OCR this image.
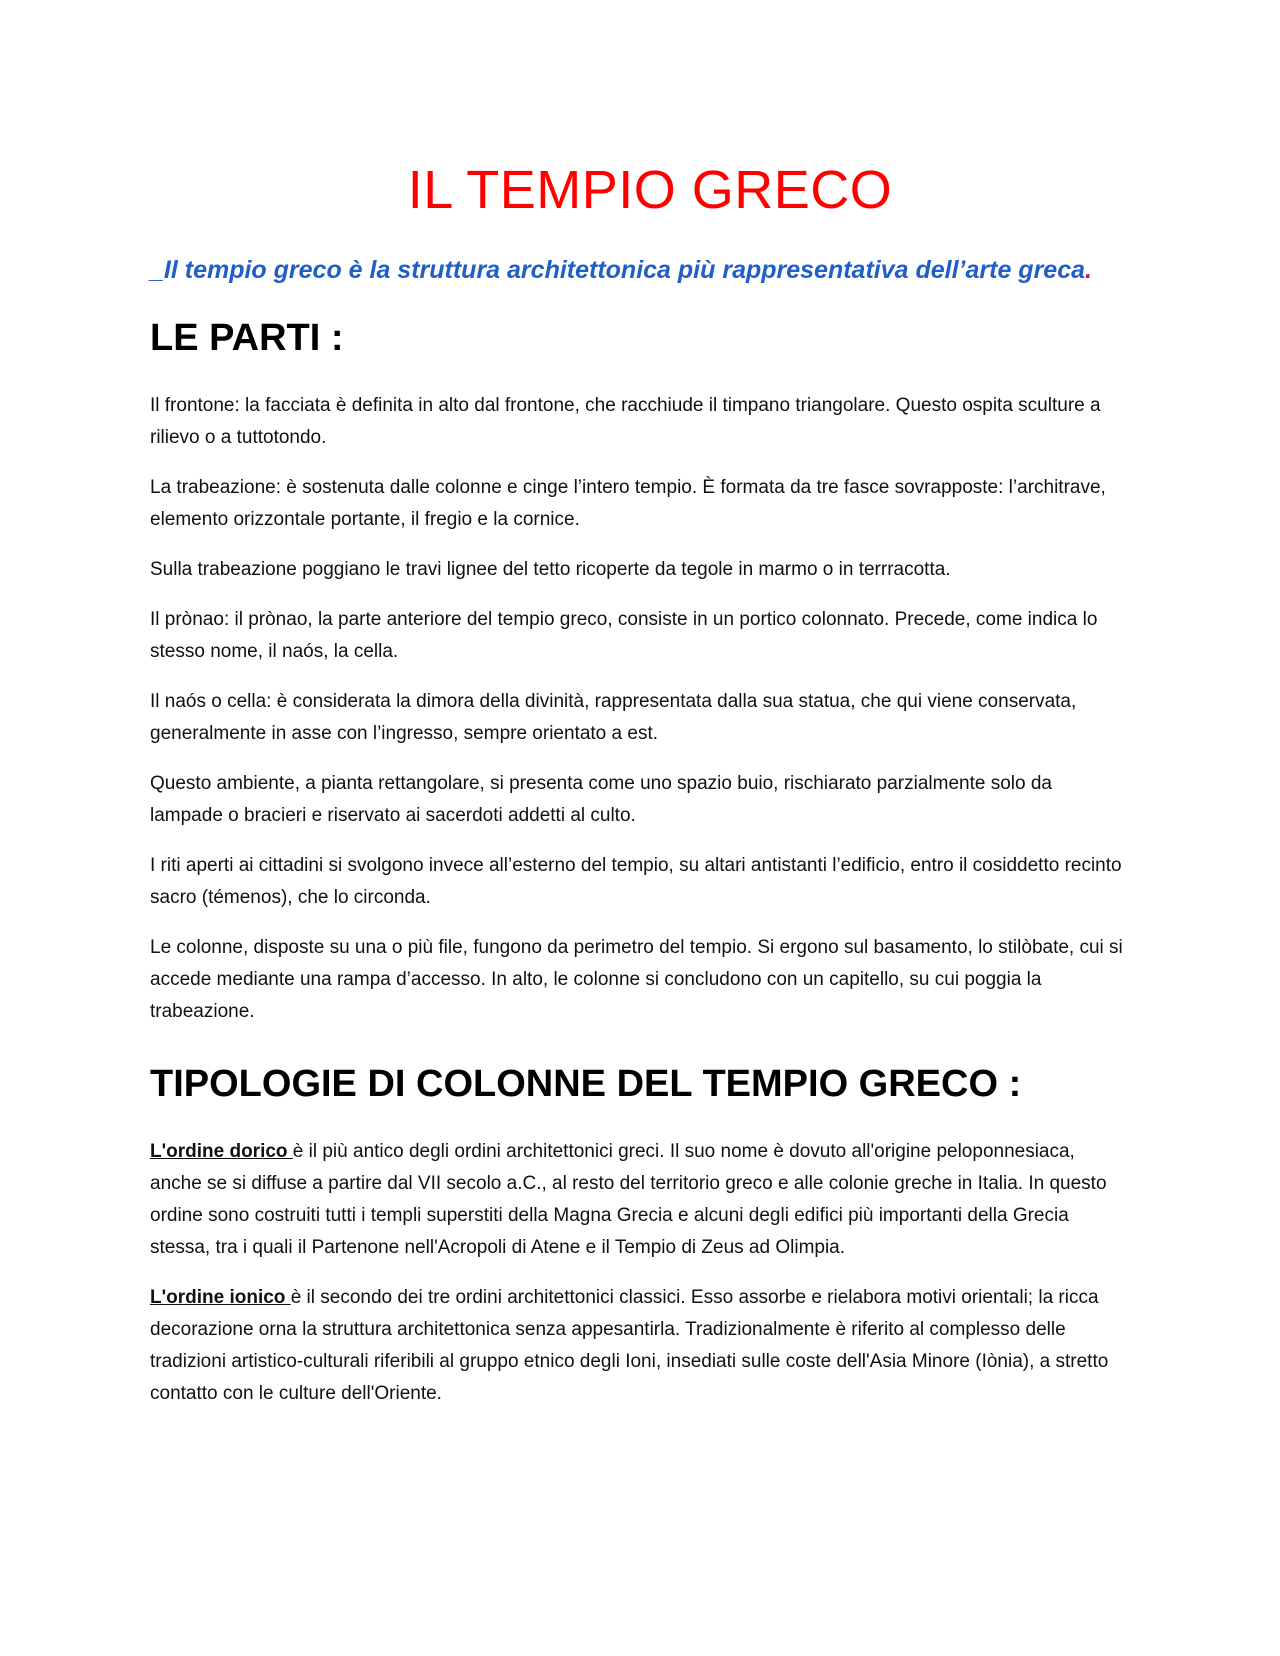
IL TEMPIO GRECO

_Il tempio greco è la struttura architettonica più rappresentativa dell’arte greca.

LE PARTI :

Il frontone: la facciata è definita in alto dal frontone, che racchiude il timpano triangolare. Questo ospita sculture a rilievo o a tuttotondo.

La trabeazione: è sostenuta dalle colonne e cinge l’intero tempio. È formata da tre fasce sovrapposte: l’architrave, elemento orizzontale portante, il fregio e la cornice.

Sulla trabeazione poggiano le travi lignee del tetto ricoperte da tegole in marmo o in terrracotta.

Il prònao: il prònao, la parte anteriore del tempio greco, consiste in un portico colonnato. Precede, come indica lo stesso nome, il naós, la cella.

Il naós o cella: è considerata la dimora della divinità, rappresentata dalla sua statua, che qui viene conservata, generalmente in asse con l’ingresso, sempre orientato a est.

Questo ambiente, a pianta rettangolare, si presenta come uno spazio buio, rischiarato parzialmente solo da lampade o bracieri e riservato ai sacerdoti addetti al culto.

I riti aperti ai cittadini si svolgono invece all’esterno del tempio, su altari antistanti l’edificio, entro il cosiddetto recinto sacro (témenos), che lo circonda.

Le colonne, disposte su una o più file, fungono da perimetro del tempio. Si ergono sul basamento, lo stilòbate, cui si accede mediante una rampa d’accesso. In alto, le colonne si concludono con un capitello, su cui poggia la trabeazione.

TIPOLOGIE DI COLONNE DEL TEMPIO GRECO :

L'ordine dorico è il più antico degli ordini architettonici greci. Il suo nome è dovuto all'origine peloponnesiaca, anche se si diffuse a partire dal VII secolo a.C., al resto del territorio greco e alle colonie greche in Italia. In questo ordine sono costruiti tutti i templi superstiti della Magna Grecia e alcuni degli edifici più importanti della Grecia stessa, tra i quali il Partenone nell'Acropoli di Atene e il Tempio di Zeus ad Olimpia.

L'ordine ionico è il secondo dei tre ordini architettonici classici. Esso assorbe e rielabora motivi orientali; la ricca decorazione orna la struttura architettonica senza appesantirla. Tradizionalmente è riferito al complesso delle tradizioni artistico-culturali riferibili al gruppo etnico degli Ioni, insediati sulle coste dell'Asia Minore (Iònia), a stretto contatto con le culture dell'Oriente.
